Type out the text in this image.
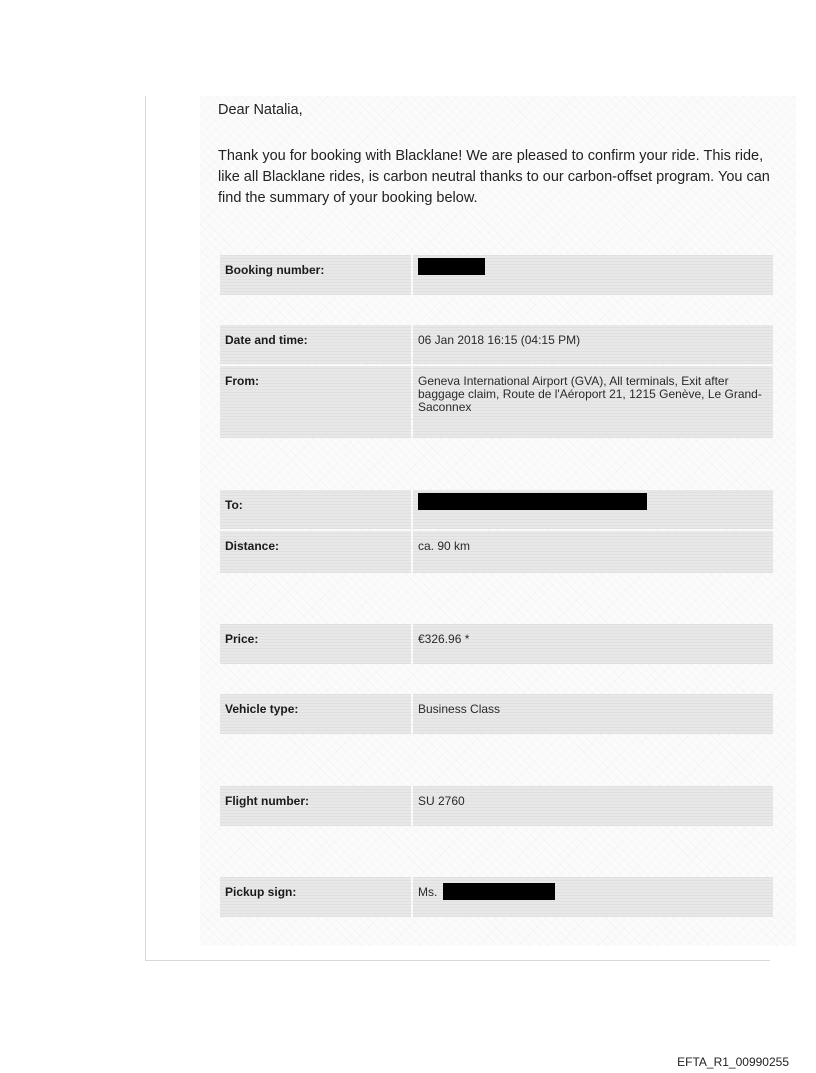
Dear Natalia,

Thank you for booking with Blacklane! We are pleased to confirm your ride. This ride, like all Blacklane rides, is carbon neutral thanks to our carbon-offset program. You can find the summary of your booking below.

Booking number:
Date and time:	06 Jan 2018 16:15 (04:15 PM)
From:	Geneva International Airport (GVA), All terminals, Exit after baggage claim, Route de l'Aéroport 21, 1215 Genève, Le Grand-Saconnex
To:
Distance:	ca. 90 km
Price:	€326.96 *
Vehicle type:	Business Class
Flight number:	SU 2760
Pickup sign:	Ms.

EFTA_R1_00990255
